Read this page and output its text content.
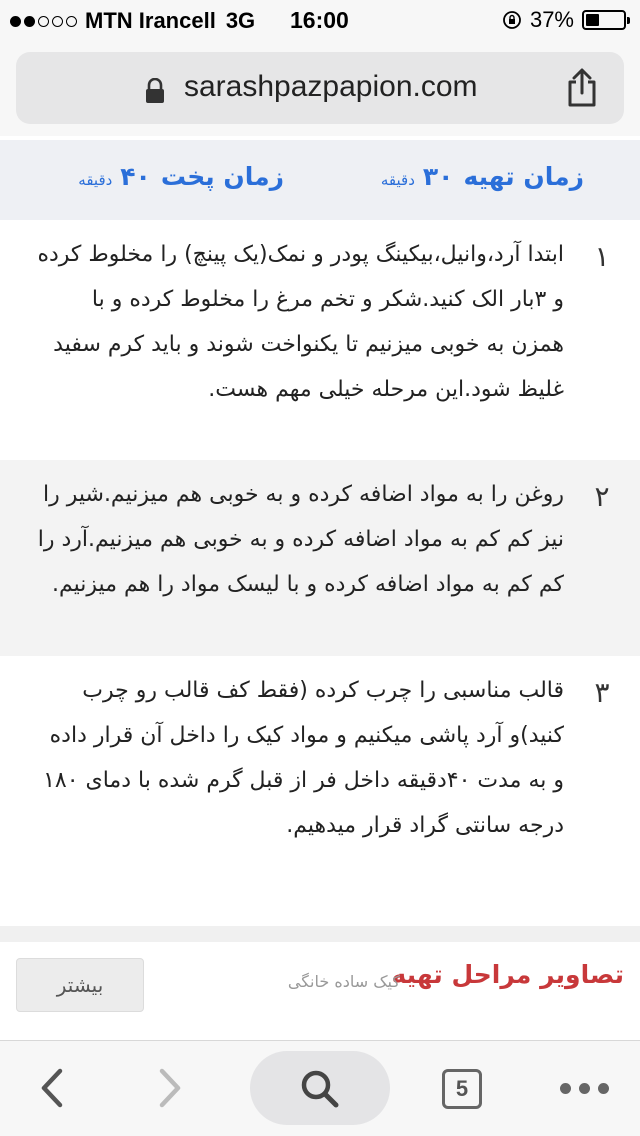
MTN Irancell 3G 16:00	37%
sarashpazpapion.com
زمان تهیه
۳۰
دقیقه
زمان پخت
۴۰
دقیقه
۱
ابتدا آرد،وانیل،بیکینگ پودر و نمک(یک پینچ) را مخلوط کرده و ۳بار الک کنید.شکر و تخم مرغ را مخلوط کرده و با همزن به خوبی میزنیم تا یکنواخت شوند و باید کرم سفید غلیظ شود.این مرحله خیلی مهم هست.
۲
روغن را به مواد اضافه کرده و به خوبی هم میزنیم.شیر را نیز کم کم به مواد اضافه کرده و به خوبی هم میزنیم.آرد را کم کم به مواد اضافه کرده و با لیسک مواد را هم میزنیم.
۳
قالب مناسبی را چرب کرده (فقط کف قالب رو چرب کنید)و آرد پاشی میکنیم و مواد کیک را داخل آن قرار داده و به مدت ۴۰دقیقه داخل فر از قبل گرم شده با دمای ۱۸۰ درجه سانتی گراد قرار میدهیم.
تصاویر مراحل تهیه
کیک ساده خانگی
بیشتر
5
